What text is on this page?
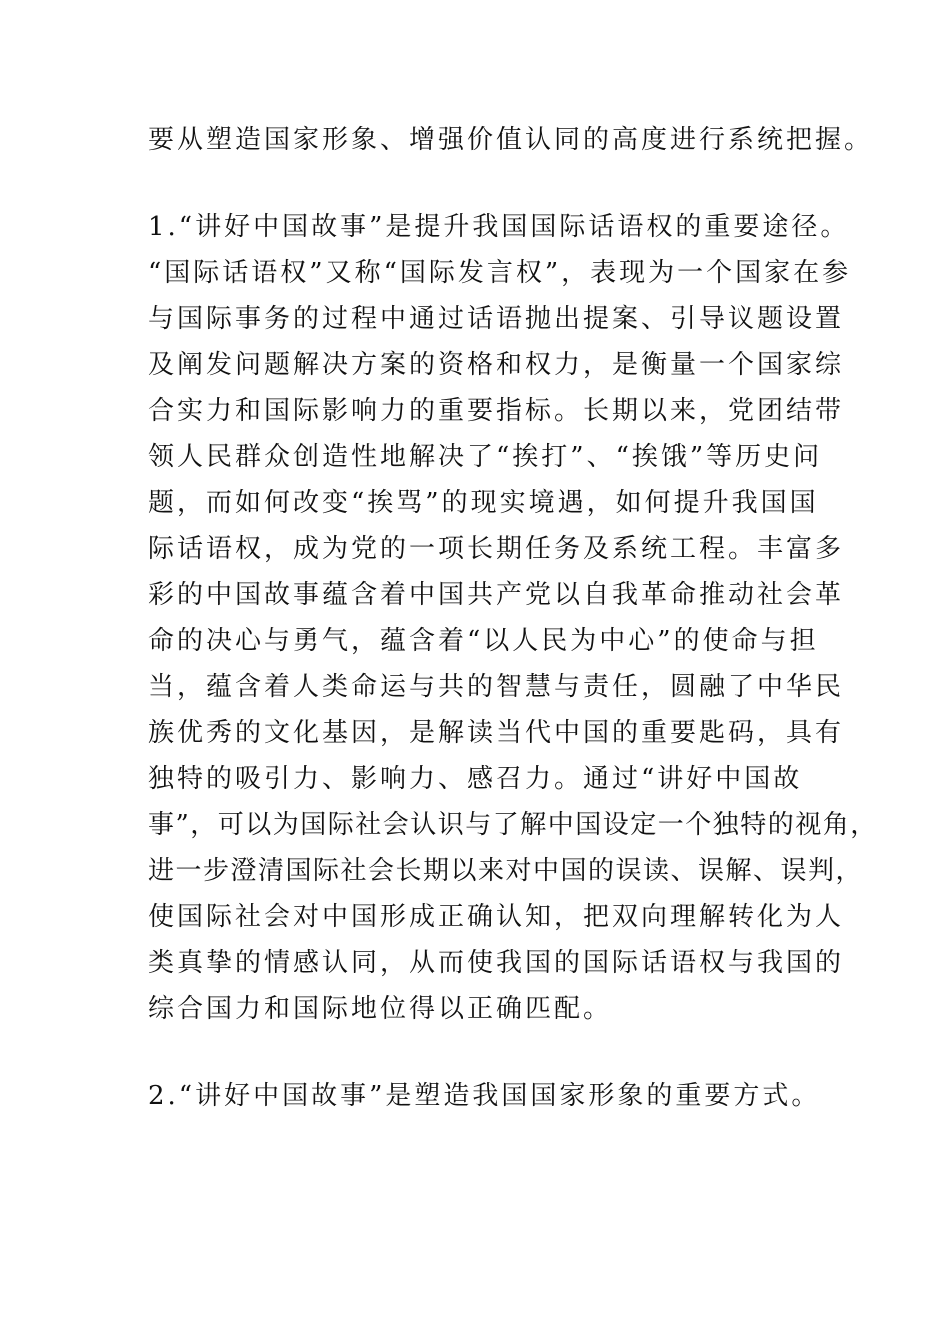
要从塑造国家形象、增强价值认同的高度进行系统把握。
1.“讲好中国故事”是提升我国国际话语权的重要途径。
“国际话语权”又称“国际发言权”，表现为一个国家在参
与国际事务的过程中通过话语抛出提案、引导议题设置
及阐发问题解决方案的资格和权力，是衡量一个国家综
合实力和国际影响力的重要指标。长期以来，党团结带
领人民群众创造性地解决了“挨打”、“挨饿”等历史问
题，而如何改变“挨骂”的现实境遇，如何提升我国国
际话语权，成为党的一项长期任务及系统工程。丰富多
彩的中国故事蕴含着中国共产党以自我革命推动社会革
命的决心与勇气，蕴含着“以人民为中心”的使命与担
当，蕴含着人类命运与共的智慧与责任，圆融了中华民
族优秀的文化基因，是解读当代中国的重要匙码，具有
独特的吸引力、影响力、感召力。通过“讲好中国故
事”，可以为国际社会认识与了解中国设定一个独特的视角，
进一步澄清国际社会长期以来对中国的误读、误解、误判，
使国际社会对中国形成正确认知，把双向理解转化为人
类真挚的情感认同，从而使我国的国际话语权与我国的
综合国力和国际地位得以正确匹配。
2.“讲好中国故事”是塑造我国国家形象的重要方式。
